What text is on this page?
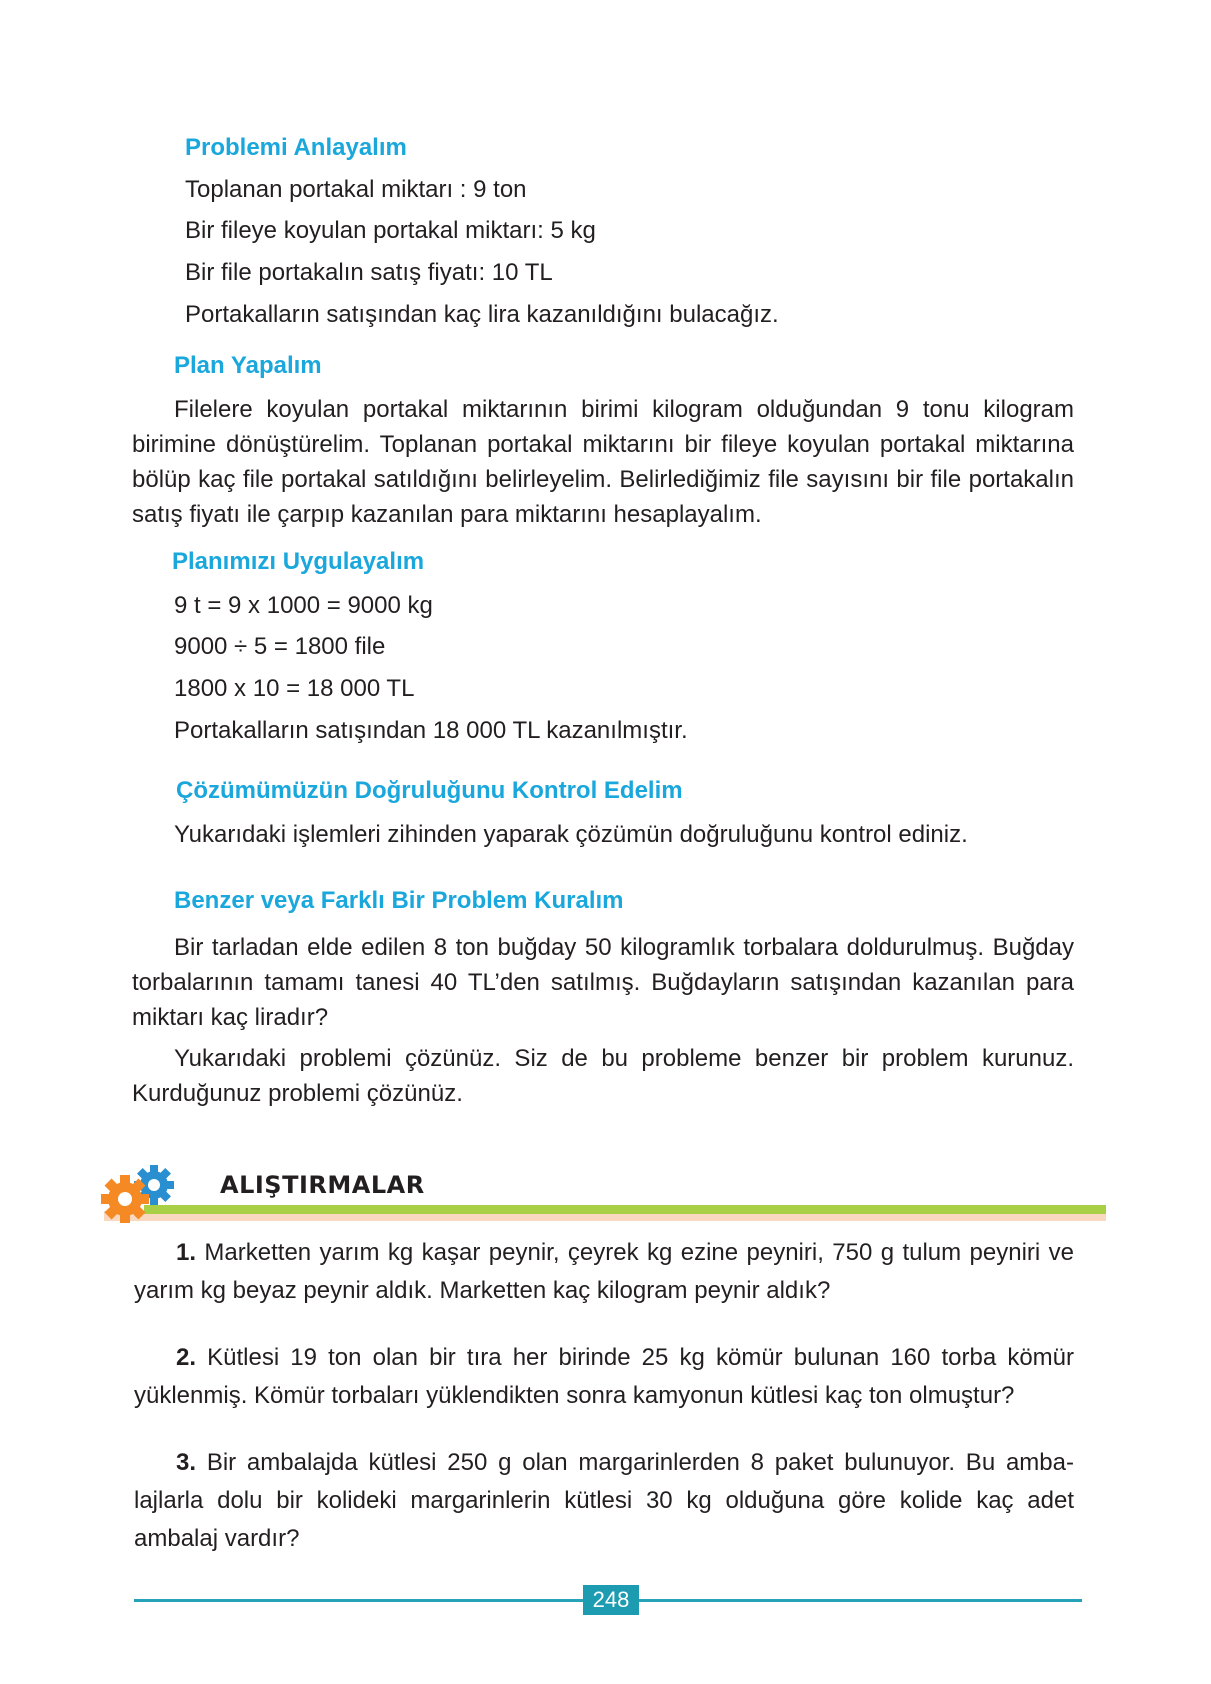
Problemi Anlayalım
Toplanan portakal miktarı : 9 ton
Bir fileye koyulan portakal miktarı: 5 kg
Bir file portakalın satış fiyatı: 10 TL
Portakalların satışından kaç lira kazanıldığını bulacağız.
Plan Yapalım
Filelere koyulan portakal miktarının birimi kilogram olduğundan 9 tonu kilogram birimine dönüştürelim. Toplanan portakal miktarını bir fileye koyulan portakal miktarına bölüp kaç file portakal satıldığını belirleyelim. Belirlediğimiz file sayısını bir file portakalın satış fiyatı ile çarpıp kazanılan para miktarını hesaplayalım.
Planımızı Uygulayalım
9 t = 9 x 1000 = 9000 kg
9000 ÷ 5 = 1800 file
1800 x 10 = 18 000 TL
Portakalların satışından 18 000 TL kazanılmıştır.
Çözümümüzün Doğruluğunu Kontrol Edelim
Yukarıdaki işlemleri zihinden yaparak çözümün doğruluğunu kontrol ediniz.
Benzer veya Farklı Bir Problem Kuralım
Bir tarladan elde edilen 8 ton buğday 50 kilogramlık torbalara doldurulmuş. Buğday torbalarının tamamı tanesi 40 TL’den satılmış. Buğdayların satışından kazanılan para miktarı kaç liradır?
Yukarıdaki problemi çözünüz. Siz de bu probleme benzer bir problem kurunuz. Kurduğunuz problemi çözünüz.
ALIŞTIRMALAR
1. Marketten yarım kg kaşar peynir, çeyrek kg ezine peyniri, 750 g tulum peyniri ve yarım kg beyaz peynir aldık. Marketten kaç kilogram peynir aldık?
2. Kütlesi 19 ton olan bir tıra her birinde 25 kg kömür bulunan 160 torba kömür yüklenmiş. Kömür torbaları yüklendikten sonra kamyonun kütlesi kaç ton olmuştur?
3. Bir ambalajda kütlesi 250 g olan margarinlerden 8 paket bulunuyor. Bu ambalajlarla dolu bir kolideki margarinlerin kütlesi 30 kg olduğuna göre kolide kaç adet ambalaj vardır?
248
